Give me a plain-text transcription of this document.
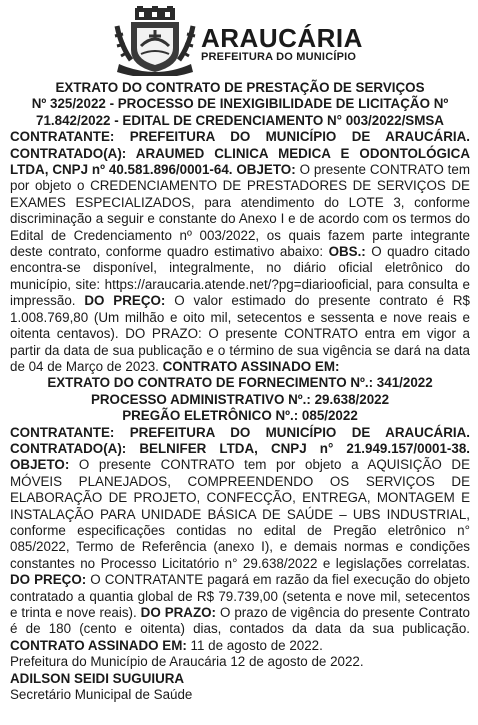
ARAUCÁRIA
PREFEITURA DO MUNICÍPIO

EXTRATO DO CONTRATO DE PRESTAÇÃO DE SERVIÇOS

Nº 325/2022 - PROCESSO DE INEXIGIBILIDADE DE LICITAÇÃO Nº

71.842/2022 - EDITAL DE CREDENCIAMENTO N° 003/2022/SMSA

CONTRATANTE: PREFEITURA DO MUNICÍPIO DE ARAUCÁRIA. CONTRATADO(A): ARAUMED CLINICA MEDICA E ODONTOLÓGICA LTDA, CNPJ nº 40.581.896/0001-64. OBJETO: O presente CONTRATO tem por objeto o CREDENCIAMENTO DE PRESTADORES DE SERVIÇOS DE EXAMES ESPECIALIZADOS, para atendimento do LOTE 3, conforme discriminação a seguir e constante do Anexo I e de acordo com os termos do Edital de Credenciamento nº 003/2022, os quais fazem parte integrante deste contrato, conforme quadro estimativo abaixo: OBS.: O quadro citado encontra-se disponível, integralmente, no diário oficial eletrônico do município, site: https://araucaria.atende.net/?pg=diariooficial, para consulta e impressão. DO PREÇO: O valor estimado do presente contrato é R$ 1.008.769,80 (Um milhão e oito mil, setecentos e sessenta e nove reais e oitenta centavos). DO PRAZO: O presente CONTRATO entra em vigor a partir da data de sua publicação e o término de sua vigência se dará na data de 04 de Março de 2023. CONTRATO ASSINADO EM:

EXTRATO DO CONTRATO DE FORNECIMENTO Nº.: 341/2022

PROCESSO ADMINISTRATIVO Nº.: 29.638/2022

PREGÃO ELETRÔNICO Nº.: 085/2022

CONTRATANTE: PREFEITURA DO MUNICÍPIO DE ARAUCÁRIA. CONTRATADO(A): BELNIFER LTDA, CNPJ n° 21.949.157/0001-38. OBJETO: O presente CONTRATO tem por objeto a AQUISIÇÃO DE MÓVEIS PLANEJADOS, COMPREENDENDO OS SERVIÇOS DE ELABORAÇÃO DE PROJETO, CONFECÇÃO, ENTREGA, MONTAGEM E INSTALAÇÃO PARA UNIDADE BÁSICA DE SAÚDE – UBS INDUSTRIAL, conforme especificações contidas no edital de Pregão eletrônico n° 085/2022, Termo de Referência (anexo I), e demais normas e condições constantes no Processo Licitatório n° 29.638/2022 e legislações correlatas. DO PREÇO: O CONTRATANTE pagará em razão da fiel execução do objeto contratado a quantia global de R$ 79.739,00 (setenta e nove mil, setecentos e trinta e nove reais). DO PRAZO: O prazo de vigência do presente Contrato é de 180 (cento e oitenta) dias, contados da data da sua publicação. CONTRATO ASSINADO EM: 11 de agosto de 2022.

Prefeitura do Município de Araucária 12 de agosto de 2022.

ADILSON SEIDI SUGUIURA

Secretário Municipal de Saúde
